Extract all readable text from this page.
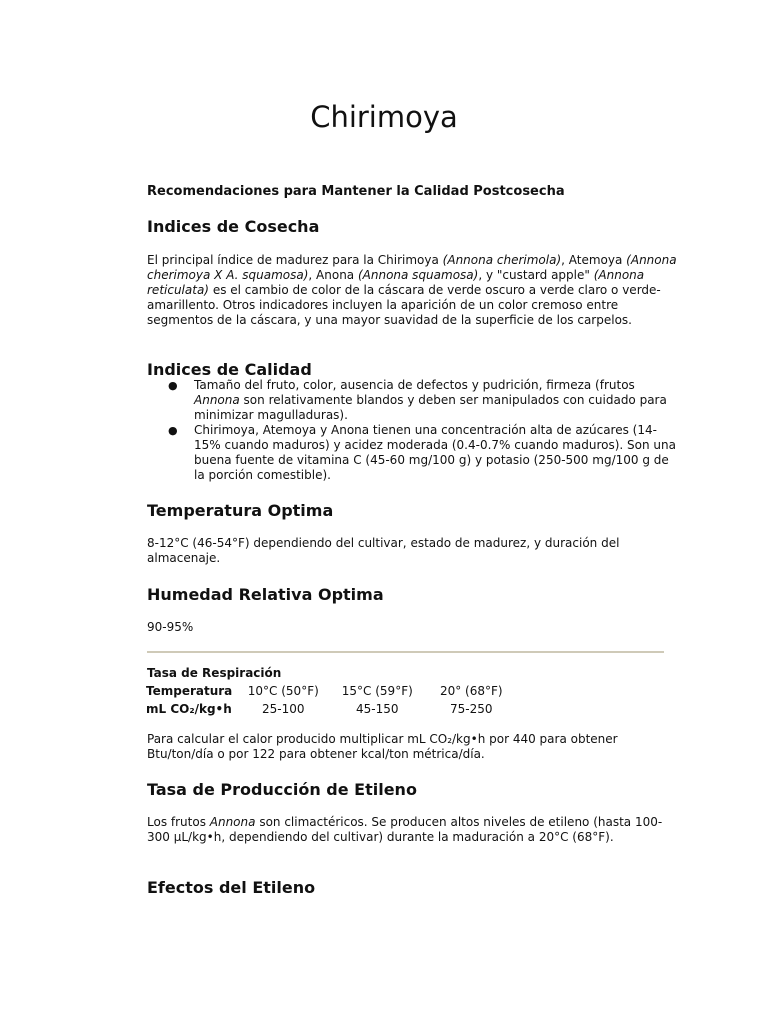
Chirimoya
Recomendaciones para Mantener la Calidad Postcosecha
Indices de Cosecha

El principal índice de madurez para la Chirimoya (Annona cherimola), Atemoya (Annona cherimoya X A. squamosa), Anona (Annona squamosa), y "custard apple" (Annona reticulata) es el cambio de color de la cáscara de verde oscuro a verde claro o verde-amarillento. Otros indicadores incluyen la aparición de un color cremoso entre segmentos de la cáscara, y una mayor suavidad de la superficie de los carpelos.

Indices de Calidad
● Tamaño del fruto, color, ausencia de defectos y pudrición, firmeza (frutos Annona son relativamente blandos y deben ser manipulados con cuidado para minimizar magulladuras).
● Chirimoya, Atemoya y Anona tienen una concentración alta de azúcares (14-15% cuando maduros) y acidez moderada (0.4-0.7% cuando maduros). Son una buena fuente de vitamina C (45-60 mg/100 g) y potasio (250-500 mg/100 g de la porción comestible).
Temperatura Optima

8-12°C (46-54°F) dependiendo del cultivar, estado de madurez, y duración del almacenaje.

Humedad Relativa Optima

90-95%

Tasa de Respiración
Temperatura	10°C (50°F)	15°C (59°F)	20° (68°F)
mL CO₂/kg•h	25-100	45-150	75-250

Para calcular el calor producido multiplicar mL CO₂/kg•h por 440 para obtener Btu/ton/día o por 122 para obtener kcal/ton métrica/día.

Tasa de Producción de Etileno

Los frutos Annona son climactéricos. Se producen altos niveles de etileno (hasta 100-300 µL/kg•h, dependiendo del cultivar) durante la maduración a 20°C (68°F).

Efectos del Etileno
